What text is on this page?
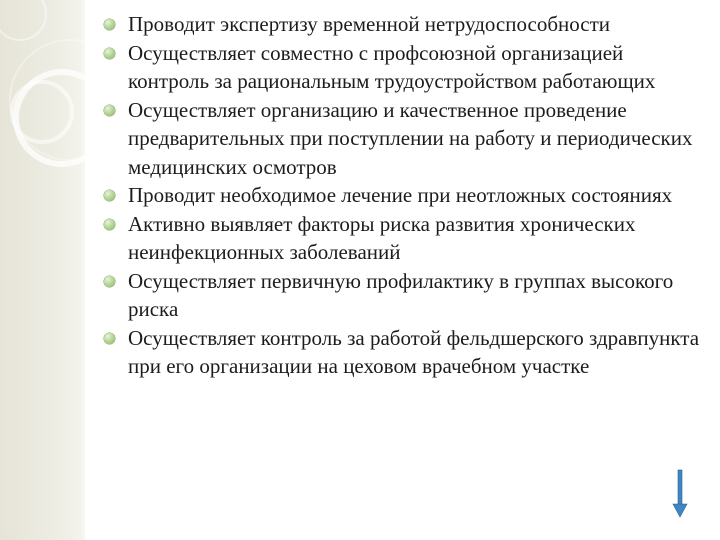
Проводит экспертизу временной нетрудоспособности
Осуществляет совместно с профсоюзной организацией контроль за рациональным трудоустройством работающих
Осуществляет организацию и качественное проведение предварительных при поступлении на работу и периодических медицинских осмотров
Проводит необходимое лечение при неотложных состояниях
Активно выявляет факторы риска развития хронических неинфекционных заболеваний
Осуществляет первичную профилактику в группах высокого риска
Осуществляет контроль за работой фельдшерского здравпункта при его организации на цеховом врачебном участке
